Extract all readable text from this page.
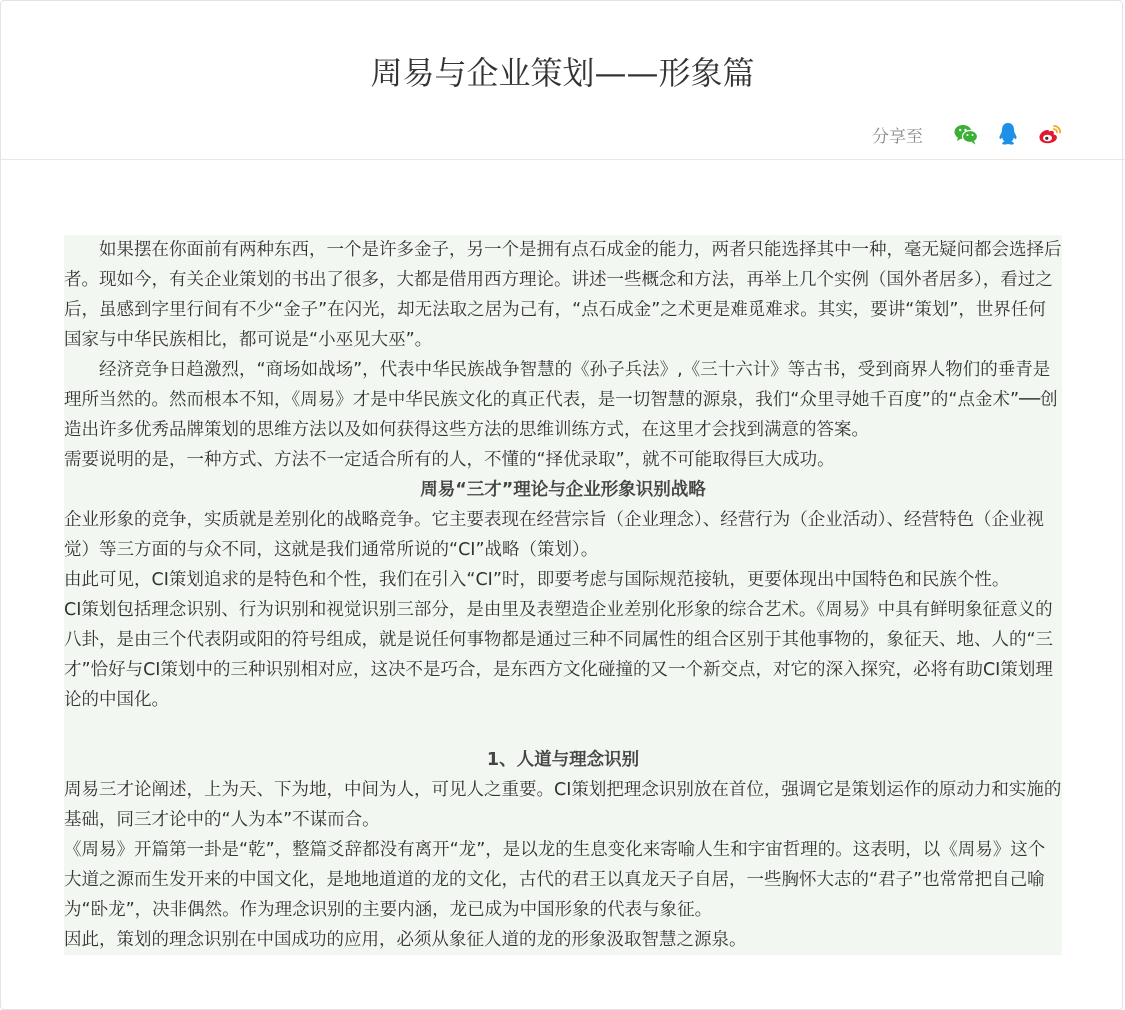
周易与企业策划——形象篇
分享至

如果摆在你面前有两种东西，一个是许多金子，另一个是拥有点石成金的能力，两者只能选择其中一种，毫无疑问都会选择后者。现如今，有关企业策划的书出了很多，大都是借用西方理论。讲述一些概念和方法，再举上几个实例（国外者居多），看过之后，虽感到字里行间有不少“金子”在闪光，却无法取之居为己有，“点石成金”之术更是难觅难求。其实，要讲“策划”，世界任何国家与中华民族相比，都可说是“小巫见大巫”。

经济竞争日趋激烈，“商场如战场”，代表中华民族战争智慧的《孙子兵法》,《三十六计》等古书，受到商界人物们的垂青是理所当然的。然而根本不知，《周易》才是中华民族文化的真正代表，是一切智慧的源泉，我们“众里寻她千百度”的“点金术”──创造出许多优秀品牌策划的思维方法以及如何获得这些方法的思维训练方式，在这里才会找到满意的答案。

需要说明的是，一种方式、方法不一定适合所有的人，不懂的“择优录取”，就不可能取得巨大成功。

周易“三才”理论与企业形象识别战略

企业形象的竞争，实质就是差别化的战略竞争。它主要表现在经营宗旨（企业理念）、经营行为（企业活动）、经营特色（企业视觉）等三方面的与众不同，这就是我们通常所说的“CI”战略（策划）。

由此可见，CI策划追求的是特色和个性，我们在引入“CI”时，即要考虑与国际规范接轨，更要体现出中国特色和民族个性。

CI策划包括理念识别、行为识别和视觉识别三部分，是由里及表塑造企业差别化形象的综合艺术。《周易》中具有鲜明象征意义的八卦，是由三个代表阴或阳的符号组成，就是说任何事物都是通过三种不同属性的组合区别于其他事物的，象征天、地、人的“三才”恰好与CI策划中的三种识别相对应，这决不是巧合，是东西方文化碰撞的又一个新交点，对它的深入探究，必将有助CI策划理论的中国化。

1、人道与理念识别

周易三才论阐述，上为天、下为地，中间为人，可见人之重要。CI策划把理念识别放在首位，强调它是策划运作的原动力和实施的基础，同三才论中的“人为本”不谋而合。

《周易》开篇第一卦是“乾”，整篇爻辞都没有离开“龙”，是以龙的生息变化来寄喻人生和宇宙哲理的。这表明，以《周易》这个大道之源而生发开来的中国文化，是地地道道的龙的文化，古代的君王以真龙天子自居，一些胸怀大志的“君子”也常常把自己喻为“卧龙”，决非偶然。作为理念识别的主要内涵，龙已成为中国形象的代表与象征。

因此，策划的理念识别在中国成功的应用，必须从象征人道的龙的形象汲取智慧之源泉。
